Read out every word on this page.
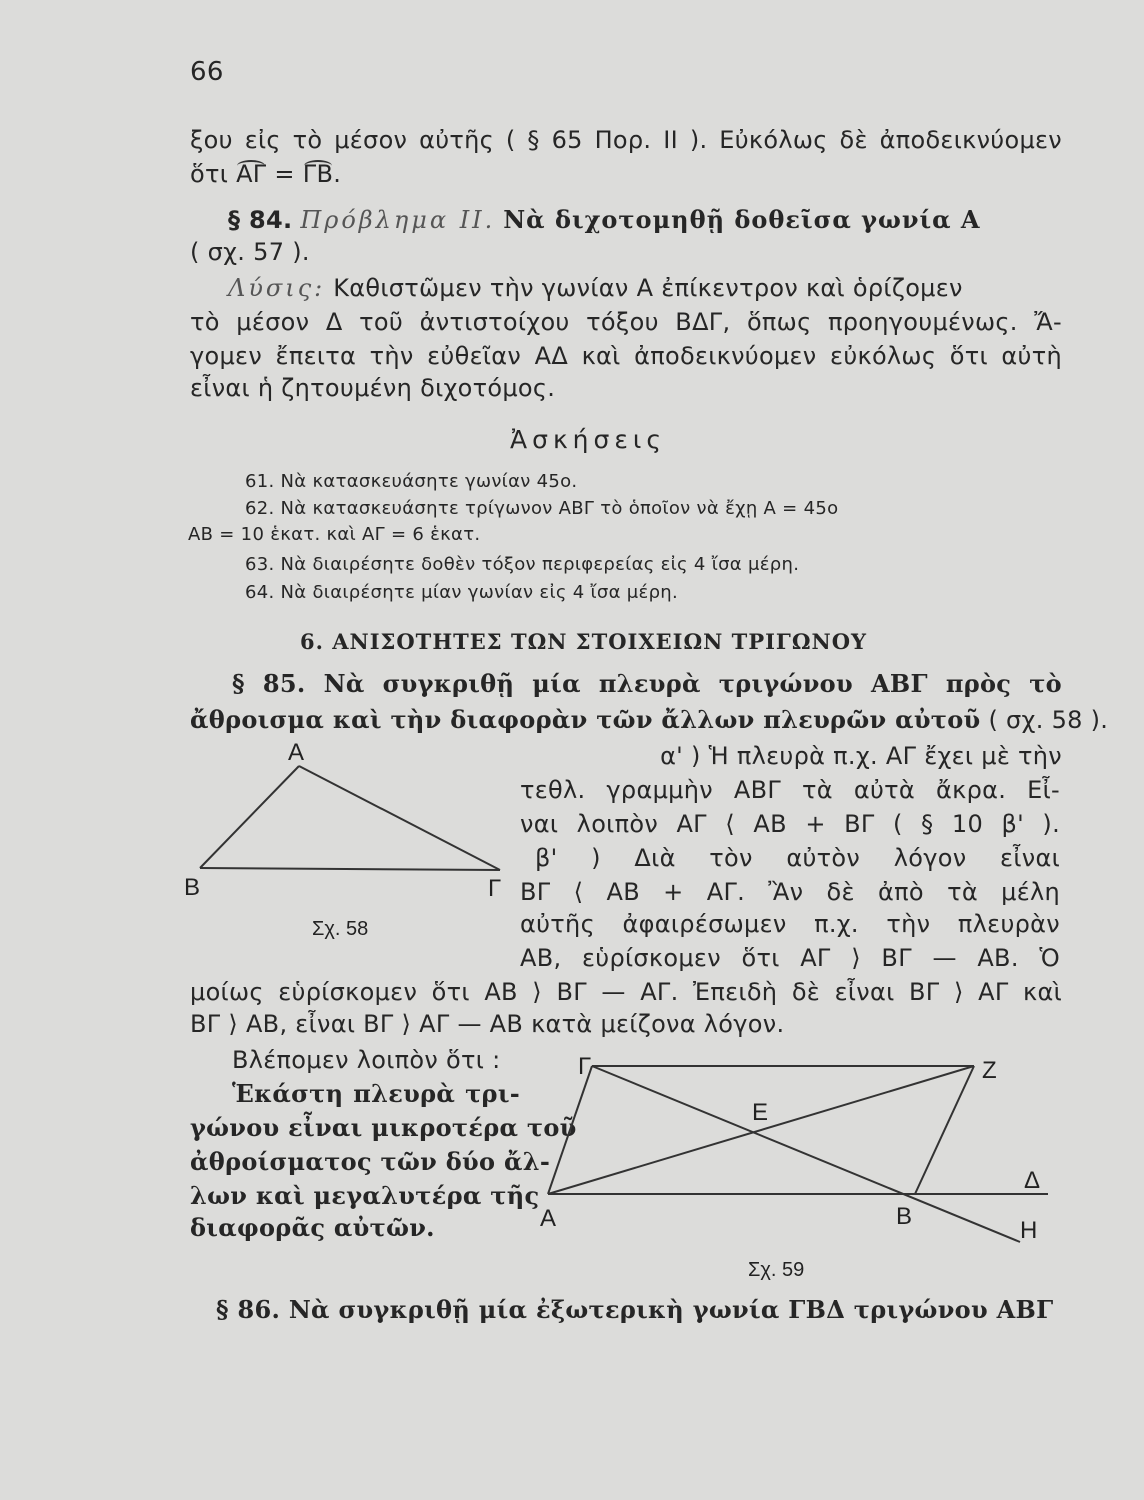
66
ξου εἰς τὸ μέσον αὐτῆς ( § 65 Πορ. ΙΙ ). Εὐκόλως δὲ ἀποδεικνύομεν
ὅτι ΑΓ = ΓΒ.
§ 84. Πρόβλημα ΙΙ. Νὰ διχοτομηθῇ δοθεῖσα γωνία Α
( σχ. 57 ).
Λύσις: Καθιστῶμεν τὴν γωνίαν Α ἐπίκεντρον καὶ ὁρίζομεν
τὸ μέσον Δ τοῦ ἀντιστοίχου τόξου ΒΔΓ, ὅπως προηγουμένως. Ἄ-
γομεν ἔπειτα τὴν εὐθεῖαν ΑΔ καὶ ἀποδεικνύομεν εὐκόλως ὅτι αὐτὴ
εἶναι ἡ ζητουμένη διχοτόμος.
Ἀσκήσεις
61. Νὰ κατασκευάσητε γωνίαν 45ο.
62. Νὰ κατασκευάσητε τρίγωνον ΑΒΓ τὸ ὁποῖον νὰ ἔχῃ Α = 45ο
ΑΒ = 10 ἑκατ. καὶ ΑΓ = 6 ἑκατ.
63. Νὰ διαιρέσητε δοθὲν τόξον περιφερείας εἰς 4 ἴσα μέρη.
64. Νὰ διαιρέσητε μίαν γωνίαν εἰς 4 ἴσα μέρη.
6. ΑΝΙΣΟΤΗΤΕΣ ΤΩΝ ΣΤΟΙΧΕΙΩΝ ΤΡΙΓΩΝΟΥ
§ 85. Νὰ συγκριθῇ μία πλευρὰ τριγώνου ΑΒΓ πρὸς τὸ
ἄθροισμα καὶ τὴν διαφορὰν τῶν ἄλλων πλευρῶν αὐτοῦ ( σχ. 58 ).
Α
Β	Γ
Σχ. 58
α' ) Ἡ πλευρὰ π.χ. ΑΓ ἔχει μὲ τὴν
τεθλ. γραμμὴν ΑΒΓ τὰ αὐτὰ ἄκρα. Εἶ-
ναι λοιπὸν ΑΓ ⟨ ΑΒ + ΒΓ ( § 10 β' ).
β' ) Διὰ τὸν αὐτὸν λόγον εἶναι
ΒΓ ⟨ ΑΒ + ΑΓ. Ἂν δὲ ἀπὸ τὰ μέλη
αὐτῆς ἀφαιρέσωμεν π.χ. τὴν πλευρὰν
ΑΒ, εὑρίσκομεν ὅτι ΑΓ ⟩ ΒΓ — ΑΒ. Ὁ
μοίως εὑρίσκομεν ὅτι ΑΒ ⟩ ΒΓ — ΑΓ. Ἐπειδὴ δὲ εἶναι ΒΓ ⟩ ΑΓ καὶ
ΒΓ ⟩ ΑΒ, εἶναι ΒΓ ⟩ ΑΓ — ΑΒ κατὰ μείζονα λόγον.
Βλέπομεν λοιπὸν ὅτι :
Ἑκάστη πλευρὰ τρι-
γώνου εἶναι μικροτέρα τοῦ
ἀθροίσματος τῶν δύο ἄλ-
λων καὶ μεγαλυτέρα τῆς
διαφορᾶς αὐτῶν.
Γ	Ζ
Ε
Δ
Α	Β
Η
Σχ. 59
§ 86. Νὰ συγκριθῇ μία ἐξωτερικὴ γωνία ΓΒΔ τριγώνου ΑΒΓ
